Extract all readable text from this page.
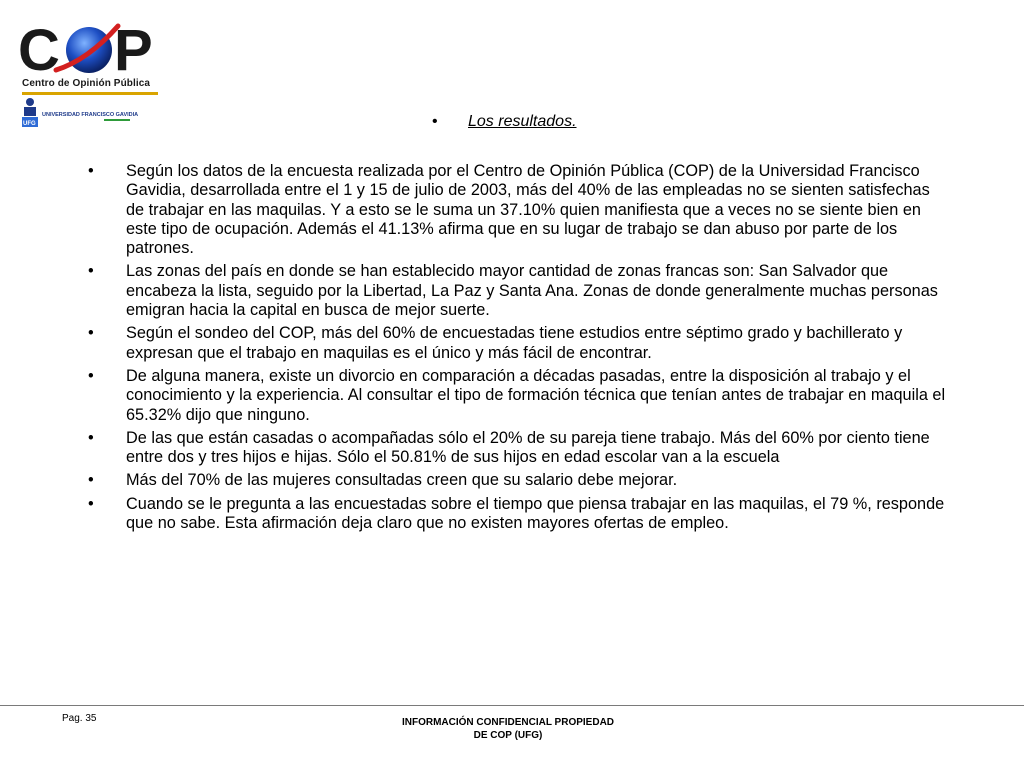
C P
Centro de Opinión Pública
UFG
UNIVERSIDAD FRANCISCO GAVIDIA	• Los resultados.
• Según los datos de la encuesta realizada por el Centro de Opinión Pública (COP) de la Universidad Francisco Gavidia, desarrollada entre el 1 y 15 de julio de 2003, más del 40% de las empleadas no se sienten satisfechas de trabajar en las maquilas. Y a esto se le suma un 37.10% quien manifiesta que a veces no se siente bien en este tipo de ocupación. Además el 41.13% afirma que en su lugar de trabajo se dan abuso por parte de los patrones.
• Las zonas del país en donde se han establecido mayor cantidad de zonas francas son: San Salvador que encabeza la lista, seguido por la Libertad, La Paz y Santa Ana. Zonas de donde generalmente muchas personas emigran hacia la capital en busca de mejor suerte.
• Según el sondeo del COP, más del 60% de encuestadas tiene estudios entre séptimo grado y bachillerato y expresan que el trabajo en maquilas es el único y más fácil de encontrar.
• De alguna manera, existe un divorcio en comparación a décadas pasadas, entre la disposición al trabajo y el conocimiento y la experiencia. Al consultar el tipo de formación técnica que tenían antes de trabajar en maquila el 65.32% dijo que ninguno.
• De las que están casadas o acompañadas sólo el 20% de su pareja tiene trabajo. Más del 60% por ciento tiene entre dos y tres hijos e hijas. Sólo el 50.81% de sus hijos en edad escolar van a la escuela
• Más del 70% de las mujeres consultadas creen que su salario debe mejorar.
• Cuando se le pregunta a las encuestadas sobre el tiempo que piensa trabajar en las maquilas, el 79 %, responde que no sabe. Esta afirmación deja claro que no existen mayores ofertas de empleo.
Pag. 35	INFORMACIÓN CONFIDENCIAL PROPIEDAD
DE COP (UFG)
